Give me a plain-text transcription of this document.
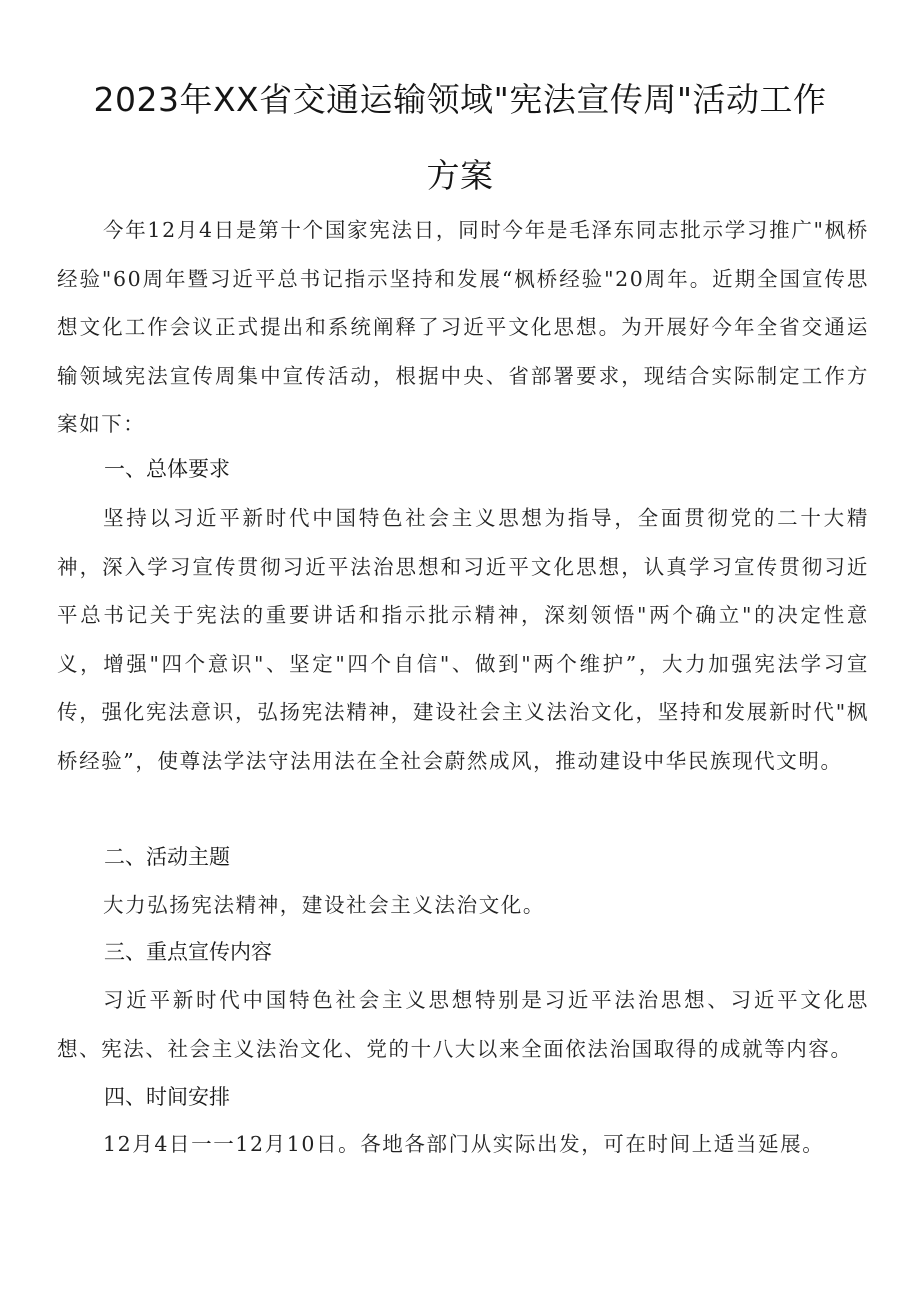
2023年XX省交通运输领域"宪法宣传周"活动工作
方案
今年12月4日是第十个国家宪法日，同时今年是毛泽东同志批示学习推广"枫桥经验"60周年暨习近平总书记指示坚持和发展“枫桥经验"20周年。近期全国宣传思想文化工作会议正式提出和系统阐释了习近平文化思想。为开展好今年全省交通运输领域宪法宣传周集中宣传活动，根据中央、省部署要求，现结合实际制定工作方案如下：
一、总体要求
坚持以习近平新时代中国特色社会主义思想为指导，全面贯彻党的二十大精神，深入学习宣传贯彻习近平法治思想和习近平文化思想，认真学习宣传贯彻习近平总书记关于宪法的重要讲话和指示批示精神，深刻领悟"两个确立"的决定性意义，增强"四个意识"、坚定"四个自信"、做到"两个维护”，大力加强宪法学习宣传，强化宪法意识，弘扬宪法精神，建设社会主义法治文化，坚持和发展新时代"枫桥经验”，使尊法学法守法用法在全社会蔚然成风，推动建设中华民族现代文明。
二、活动主题
大力弘扬宪法精神，建设社会主义法治文化。
三、重点宣传内容
习近平新时代中国特色社会主义思想特别是习近平法治思想、习近平文化思想、宪法、社会主义法治文化、党的十八大以来全面依法治国取得的成就等内容。
四、时间安排
12月4日一一12月10日。各地各部门从实际出发，可在时间上适当延展。
